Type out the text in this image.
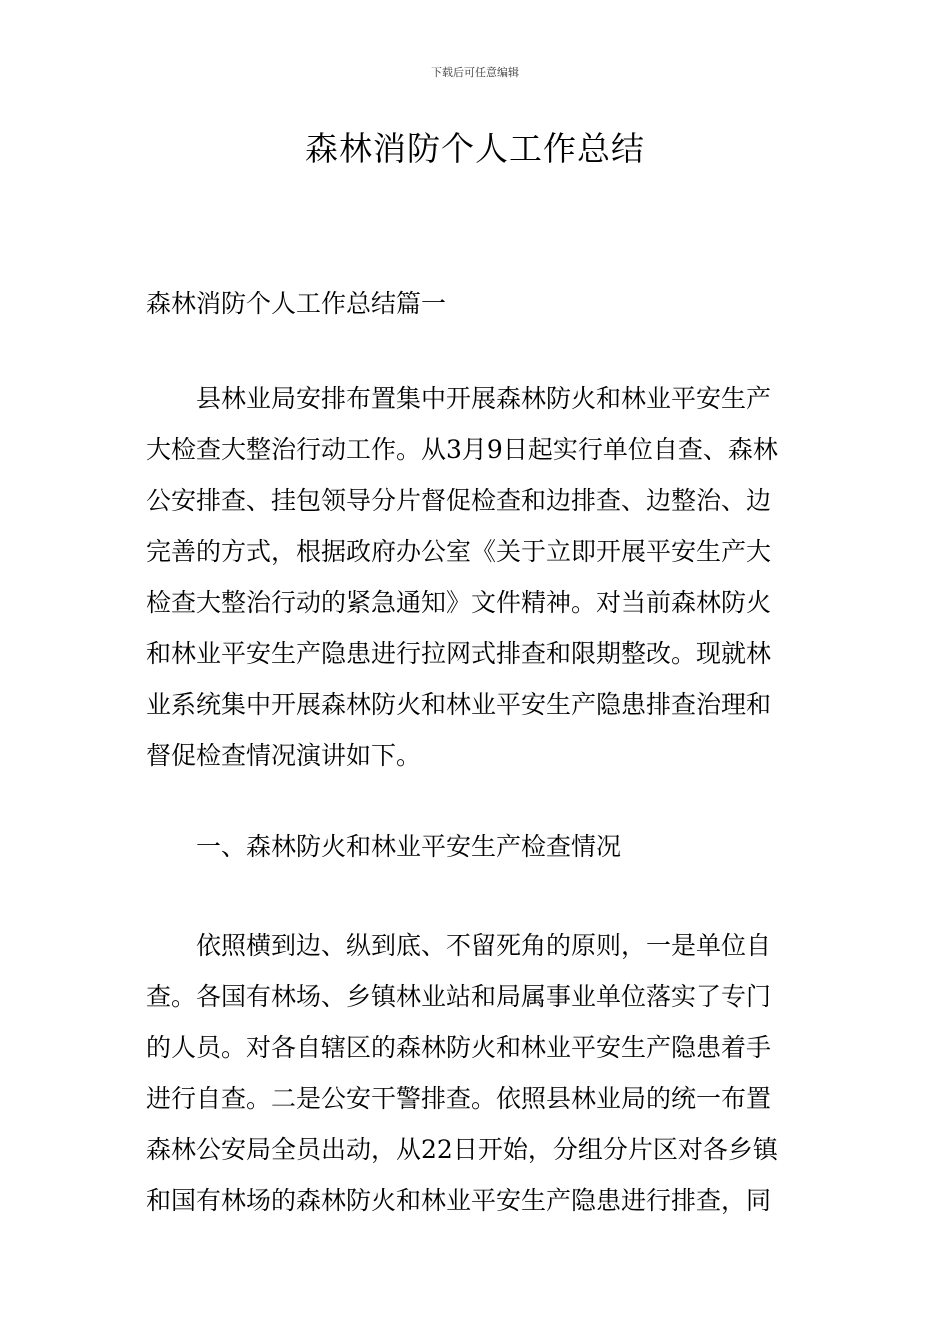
下载后可任意编辑
森林消防个人工作总结

森林消防个人工作总结篇一

县林业局安排布置集中开展森林防火和林业平安生产
大检查大整治行动工作。从3月9日起实行单位自查、森林
公安排查、挂包领导分片督促检查和边排查、边整治、边
完善的方式，根据政府办公室《关于立即开展平安生产大
检查大整治行动的紧急通知》文件精神。对当前森林防火
和林业平安生产隐患进行拉网式排查和限期整改。现就林
业系统集中开展森林防火和林业平安生产隐患排查治理和
督促检查情况演讲如下。

一、森林防火和林业平安生产检查情况

依照横到边、纵到底、不留死角的原则，一是单位自
查。各国有林场、乡镇林业站和局属事业单位落实了专门
的人员。对各自辖区的森林防火和林业平安生产隐患着手
进行自查。二是公安干警排查。依照县林业局的统一布置
森林公安局全员出动，从22日开始，分组分片区对各乡镇
和国有林场的森林防火和林业平安生产隐患进行排查，同
